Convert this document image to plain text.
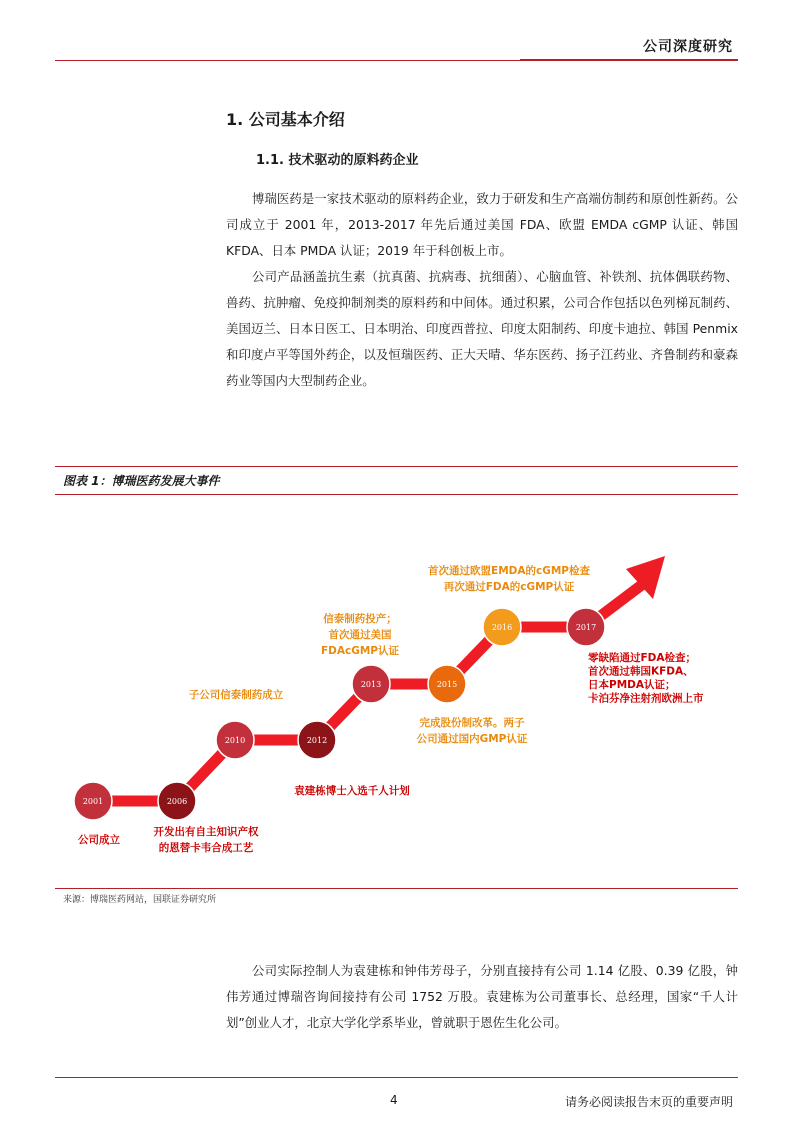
公司深度研究
1. 公司基本介绍
1.1. 技术驱动的原料药企业

博瑞医药是一家技术驱动的原料药企业，致力于研发和生产高端仿制药和原创性新药。公司成立于 2001 年，2013-2017 年先后通过美国 FDA、欧盟 EMDA cGMP 认证、韩国 KFDA、日本 PMDA 认证；2019 年于科创板上市。

公司产品涵盖抗生素（抗真菌、抗病毒、抗细菌）、心脑血管、补铁剂、抗体偶联药物、兽药、抗肿瘤、免疫抑制剂类的原料药和中间体。通过积累，公司合作包括以色列梯瓦制药、美国迈兰、日本日医工、日本明治、印度西普拉、印度太阳制药、印度卡迪拉、韩国 Penmix 和印度卢平等国外药企，以及恒瑞医药、正大天晴、华东医药、扬子江药业、齐鲁制药和豪森药业等国内大型制药企业。

图表 1：博瑞医药发展大事件
2001
公司成立
2006
开发出有自主知识产权
的恩替卡韦合成工艺
2010
子公司信泰制药成立
2012
袁建栋博士入选千人计划
2013
信泰制药投产；
首次通过美国
FDAcGMP认证
2015
完成股份制改革。两子
公司通过国内GMP认证
2016
首次通过欧盟EMDA的cGMP检查
再次通过FDA的cGMP认证
2017
零缺陷通过FDA检查；
首次通过韩国KFDA、
日本PMDA认证；
卡泊芬净注射剂欧洲上市
来源：博瑞医药网站，国联证券研究所

公司实际控制人为袁建栋和钟伟芳母子，分别直接持有公司 1.14 亿股、0.39 亿股，钟伟芳通过博瑞咨询间接持有公司 1752 万股。袁建栋为公司董事长、总经理，国家“千人计划”创业人才，北京大学化学系毕业，曾就职于恩佐生化公司。

4	请务必阅读报告末页的重要声明
